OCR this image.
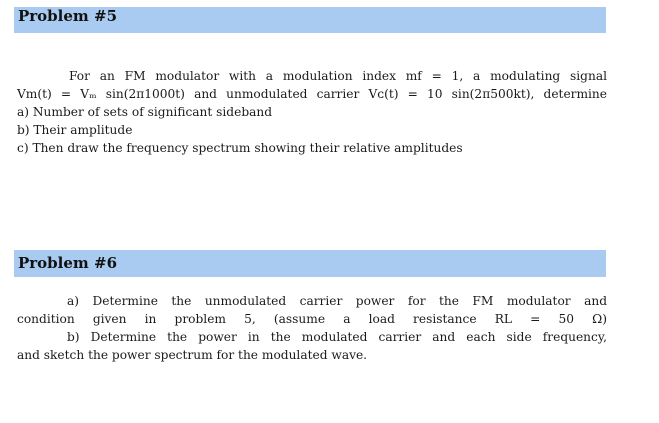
Problem #5
For an FM modulator with a modulation index mf = 1, a modulating signal
Vm(t) = Vₘ sin(2π1000t) and unmodulated carrier Vᴄ(t) = 10 sin(2π500kt), determine
a) Number of sets of significant sideband
b) Their amplitude
c) Then draw the frequency spectrum showing their relative amplitudes
Problem #6
a) Determine the unmodulated carrier power for the FM modulator and
condition given in problem 5, (assume a load resistance RL = 50 Ω)
b) Determine the power in the modulated carrier and each side frequency,
and sketch the power spectrum for the modulated wave.
